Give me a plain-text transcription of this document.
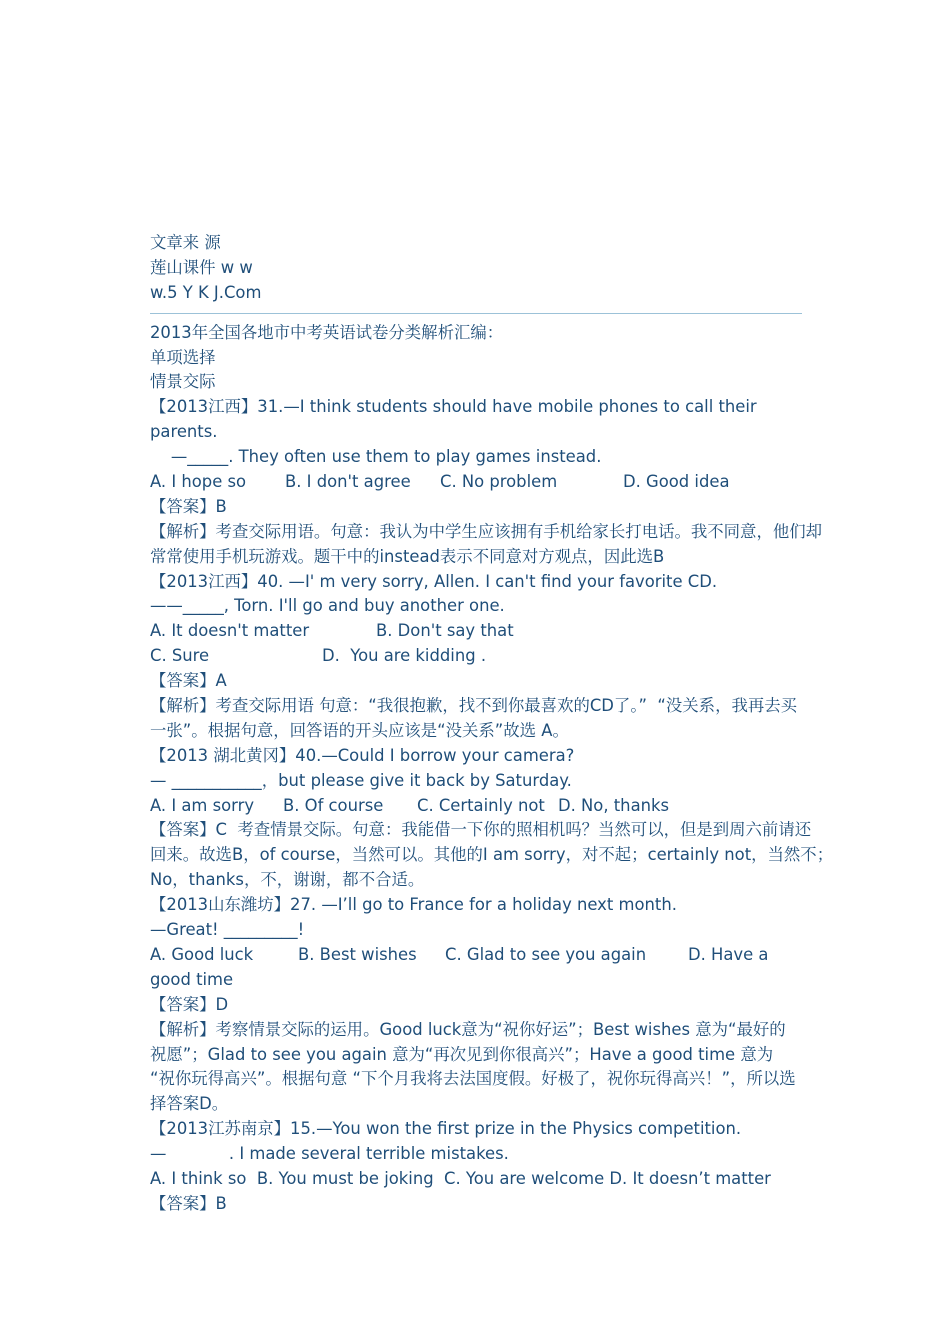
文章来 源
莲山课件 w w
w.5 Y K J.Com
2013年全国各地市中考英语试卷分类解析汇编：
单项选择
情景交际
【2013江西】31.—I think students should have mobile phones to call their
parents.
—_____. They often use them to play games instead.

A. I hope so

B. I don't agree

C. No problem

	D. Good idea

【答案】B
【解析】考查交际用语。句意：我认为中学生应该拥有手机给家长打电话。我不同意，他们却
常常使用手机玩游戏。题干中的instead表示不同意对方观点，因此选B
【2013江西】40. —I' m very sorry, Allen. I can't find your favorite CD.
——_____, Torn. I'll go and buy another one.

A. It doesn't matter

	B. Don't say that

C. Sure

	D.  You are kidding .

【答案】A
【解析】考查交际用语 句意：“我很抱歉，找不到你最喜欢的CD了。”  “没关系，我再去买
一张”。根据句意，回答语的开头应该是“没关系”故选 A。
【2013 湖北黄冈】40.—Could I borrow your camera?
— ___________，but please give it back by Saturday.

A. I am sorry

B. Of course

C. Certainly not

D. No, thanks

【答案】C  考查情景交际。句意：我能借一下你的照相机吗？当然可以，但是到周六前请还
回来。故选B，of course，当然可以。其他的I am sorry，对不起；certainly not，当然不；
No，thanks，不，谢谢，都不合适。
【2013山东潍坊】27. —I’ll go to France for a holiday next month.
—Great! _________!

A. Good luck

	B. Best wishes

C. Glad to see you again

	D. Have a

good time
【答案】D
【解析】考察情景交际的运用。Good luck意为“祝你好运”；Best wishes 意为“最好的
祝愿”；Glad to see you again 意为“再次见到你很高兴”；Have a good time 意为
“祝你玩得高兴”。根据句意 “下个月我将去法国度假。好极了，祝你玩得高兴！”，所以选
择答案D。
【2013江苏南京】15.—You won the first prize in the Physics competition.
—            . I made several terrible mistakes.
A. I think so  B. You must be joking  C. You are welcome D. It doesn’t matter
【答案】B
